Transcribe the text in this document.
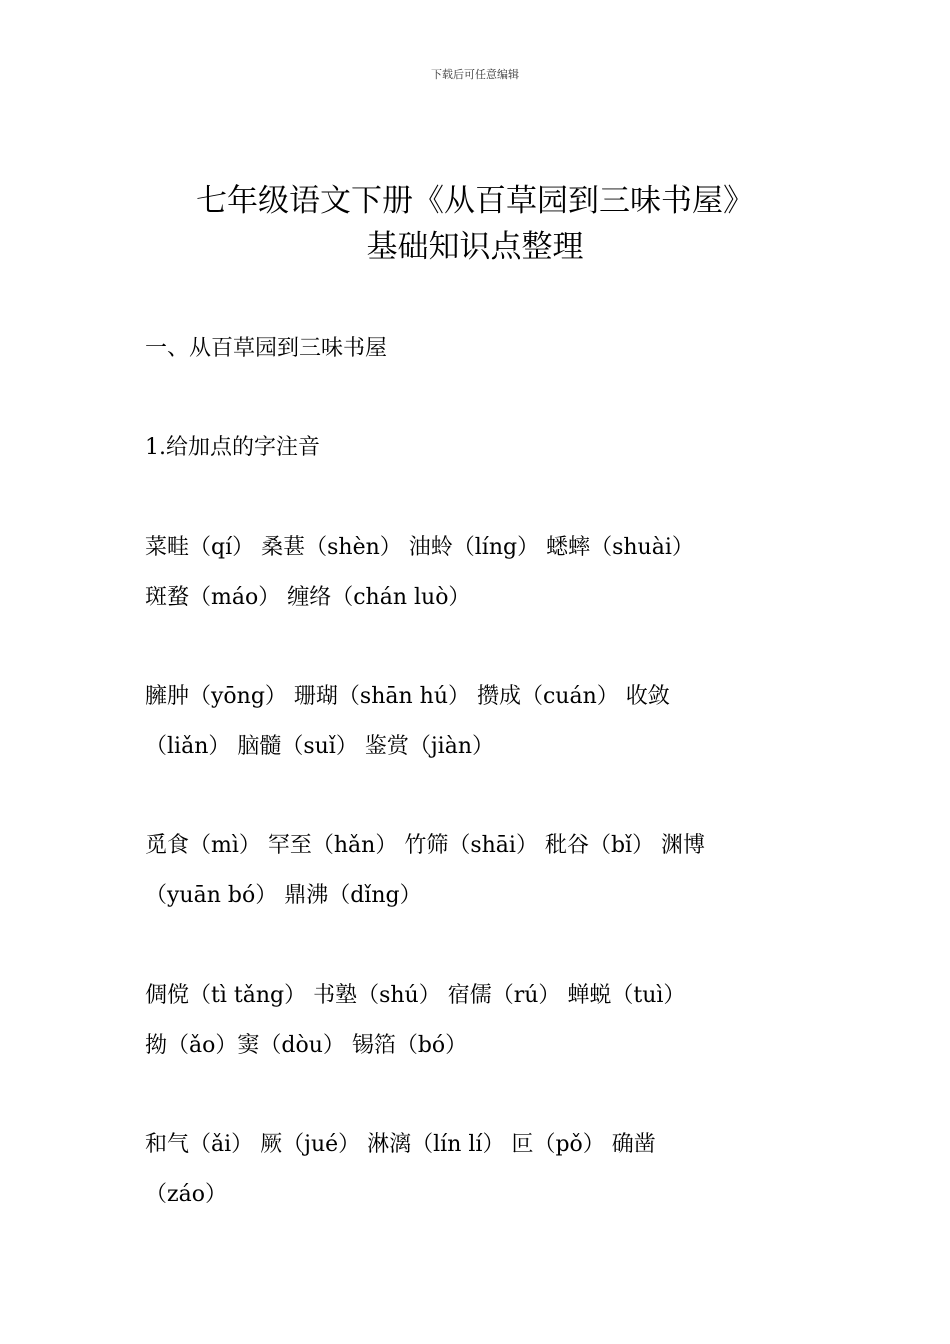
下载后可任意编辑
七年级语文下册《从百草园到三味书屋》
基础知识点整理
一、从百草园到三味书屋
1.给加点的字注音
菜畦（qí） 桑葚（shèn） 油蛉（líng） 蟋蟀（shuài）
斑蝥（máo） 缠络（chán luò）
臃肿（yōng） 珊瑚（shān hú） 攒成（cuán） 收敛
（liǎn） 脑髓（suǐ） 鉴赏（jiàn）
觅食（mì） 罕至（hǎn） 竹筛（shāi） 秕谷（bǐ） 渊博
（yuān bó） 鼎沸（dǐng）
倜傥（tì tǎng） 书塾（shú） 宿儒（rú） 蝉蜕（tuì）
拗（ǎo）窦（dòu） 锡箔（bó）
和气（ǎi） 厥（jué） 淋漓（lín lí） 叵（pǒ） 确凿
（záo）
